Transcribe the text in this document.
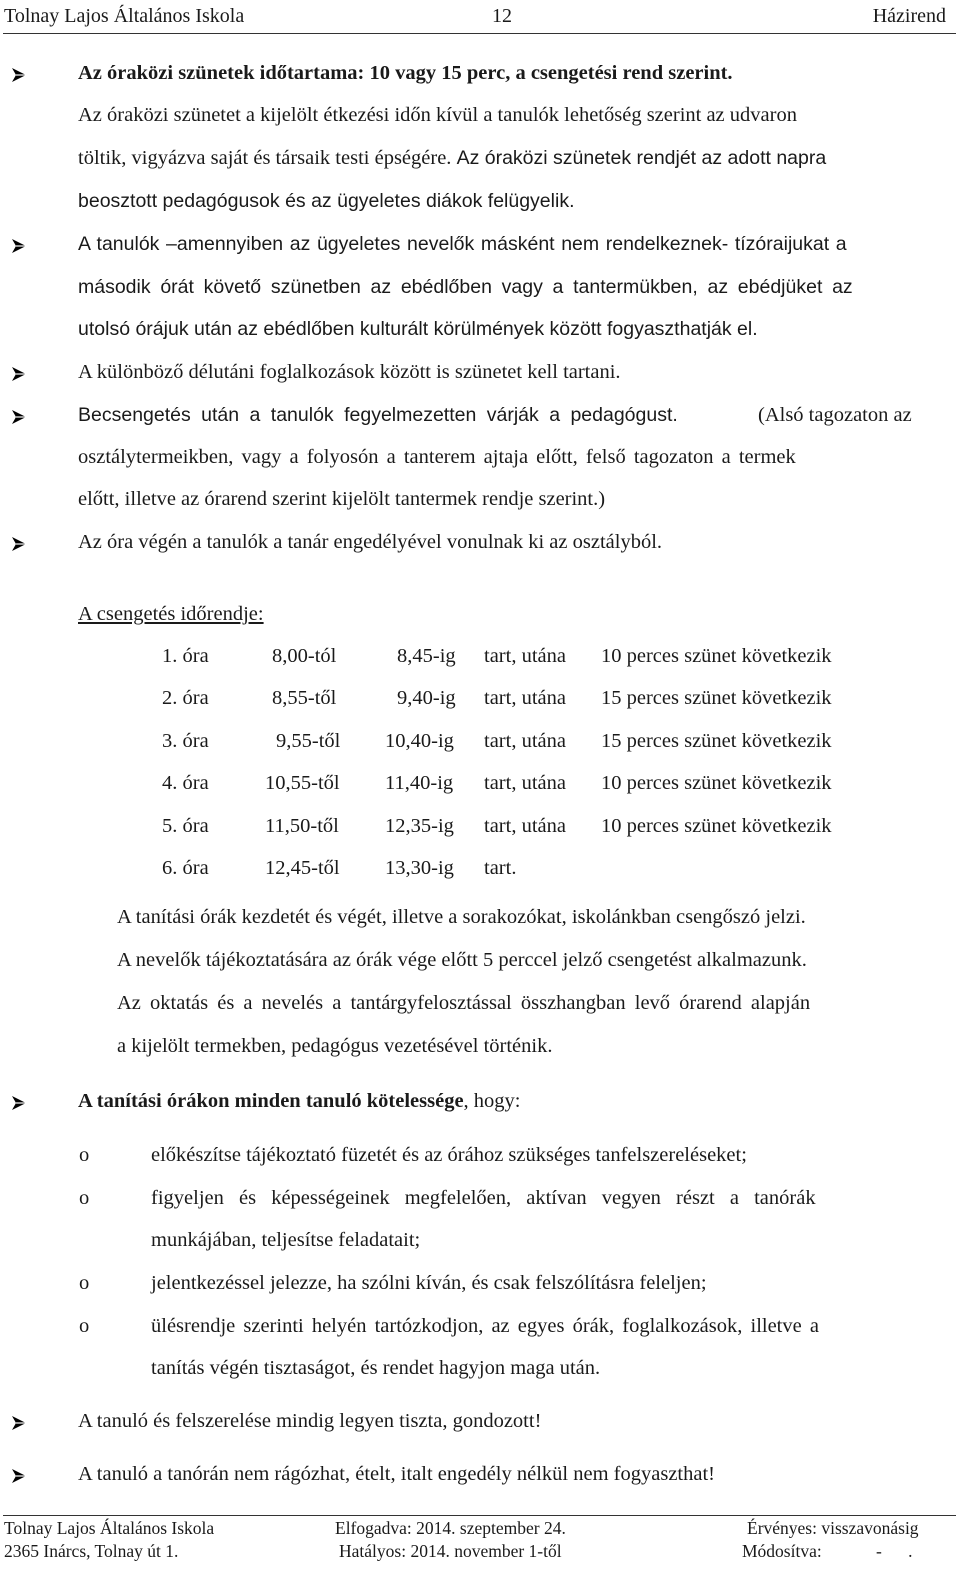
Tolnay Lajos Általános Iskola	12	Házirend
Az óraközi szünetek időtartama: 10 vagy 15 perc, a csengetési rend szerint.
Az óraközi szünetet a kijelölt étkezési időn kívül a tanulók lehetőség szerint az udvaron
töltik, vigyázva saját és társaik testi épségére. Az óraközi szünetek rendjét az adott napra
beosztott pedagógusok és az ügyeletes diákok felügyelik.
A tanulók –amennyiben az ügyeletes nevelők másként nem rendelkeznek- tízóraijukat a
második órát követő szünetben az ebédlőben vagy a tantermükben, az ebédjüket az
utolsó órájuk után az ebédlőben kulturált körülmények között fogyaszthatják el.
A különböző délutáni foglalkozások között is szünetet kell tartani.
Becsengetés után a tanulók fegyelmezetten várják a pedagógust.	(Alsó tagozaton az
osztálytermeikben, vagy a folyosón a tanterem ajtaja előtt, felső tagozaton a termek
előtt, illetve az órarend szerint kijelölt tantermek rendje szerint.)
Az óra végén a tanulók a tanár engedélyével vonulnak ki az osztályból.
A csengetés időrendje:
1. óra	8,00-tól	8,45-ig tart, utána 10 perces szünet következik
2. óra	8,55-től	9,40-ig tart, utána 15 perces szünet következik
3. óra	9,55-től 10,40-ig tart, utána 15 perces szünet következik
4. óra	10,55-től 11,40-ig tart, utána 10 perces szünet következik
5. óra	11,50-től 12,35-ig tart, utána 10 perces szünet következik
6. óra	12,45-től 13,30-ig tart.
A tanítási órák kezdetét és végét, illetve a sorakozókat, iskolánkban csengőszó jelzi.
A nevelők tájékoztatására az órák vége előtt 5 perccel jelző csengetést alkalmazunk.
Az oktatás és a nevelés a tantárgyfelosztással összhangban levő órarend alapján
a kijelölt termekben, pedagógus vezetésével történik.
A tanítási órákon minden tanuló kötelessége, hogy:
o	előkészítse tájékoztató füzetét és az órához szükséges tanfelszereléseket;
o	figyeljen és képességeinek megfelelően, aktívan vegyen részt a tanórák
munkájában, teljesítse feladatait;
o	jelentkezéssel jelezze, ha szólni kíván, és csak felszólításra feleljen;
o	ülésrendje szerinti helyén tartózkodjon, az egyes órák, foglalkozások, illetve a
tanítás végén tisztaságot, és rendet hagyjon maga után.
A tanuló és felszerelése mindig legyen tiszta, gondozott!
A tanuló a tanórán nem rágózhat, ételt, italt engedély nélkül nem fogyaszthat!
Tolnay Lajos Általános Iskola
2365 Inárcs, Tolnay út 1.
Elfogadva: 2014. szeptember 24.
Hatályos: 2014. november 1-től
Érvényes: visszavonásig
Módosítva:	-      .
